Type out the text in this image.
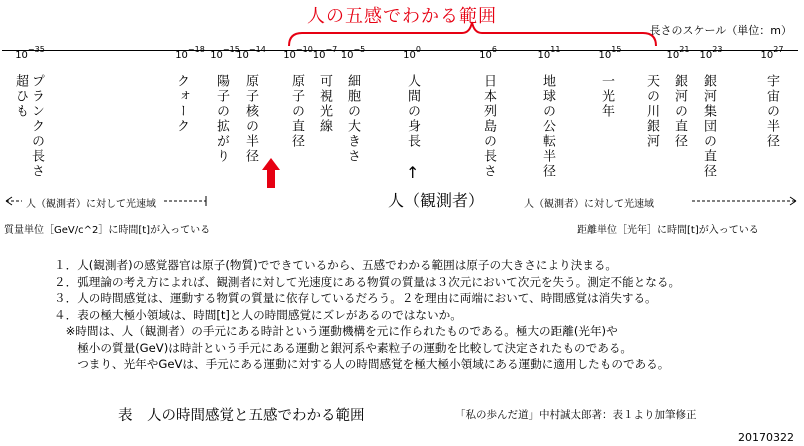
人の五感でわかる範囲
長さのスケール（単位：m）
$10^{-35}$
$10^{-18}$
$10^{-15}$
$10^{-14}$
$10^{-10}$
$10^{-7}$
$10^{-5}$
$10^0$
$10^6$
$10^{11}$
$10^{15}$
$10^{21}$
$10^{23}$
$10^{27}$
超ひも プランクの長さ	クォーク 陽子の拡がり 原子核の半径 原子の直径 可視光線 細胞の大きさ	人間の身長	日本列島の長さ	地球の公転半径	一光年 天の川銀河 銀河の直径 銀河集団の直径	宇宙の半径
↑
人（観測者）
人（観測者）に対して光速域	人（観測者）に対して光速域
質量単位［GeV/c^2］に時間[t]が入っている	距離単位［光年］に時間[t]が入っている
１．人(観測者)の感覚器官は原子(物質)でできているから、五感でわかる範囲は原子の大きさにより決まる。
２．弧理論の考え方によれば、観測者に対して光速度にある物質の質量は３次元において次元を失う。測定不能となる。
３．人の時間感覚は、運動する物質の質量に依存しているだろう。２を理由に両端において、時間感覚は消失する。
４．表の極大極小領域は、時間[t]と人の時間感覚にズレがあるのではないか。
　※時間は、人（観測者）の手元にある時計という運動機構を元に作られたものである。極大の距離(光年)や
　　極小の質量(GeV)は時計という手元にある運動と銀河系や素粒子の運動を比較して決定されたものである。
　　つまり、光年やGeVは、手元にある運動に対する人の時間感覚を極大極小領域にある運動に適用したものである。
表　人の時間感覚と五感でわかる範囲	「私の歩んだ道」中村誠太郎著：表１より加筆修正
20170322
